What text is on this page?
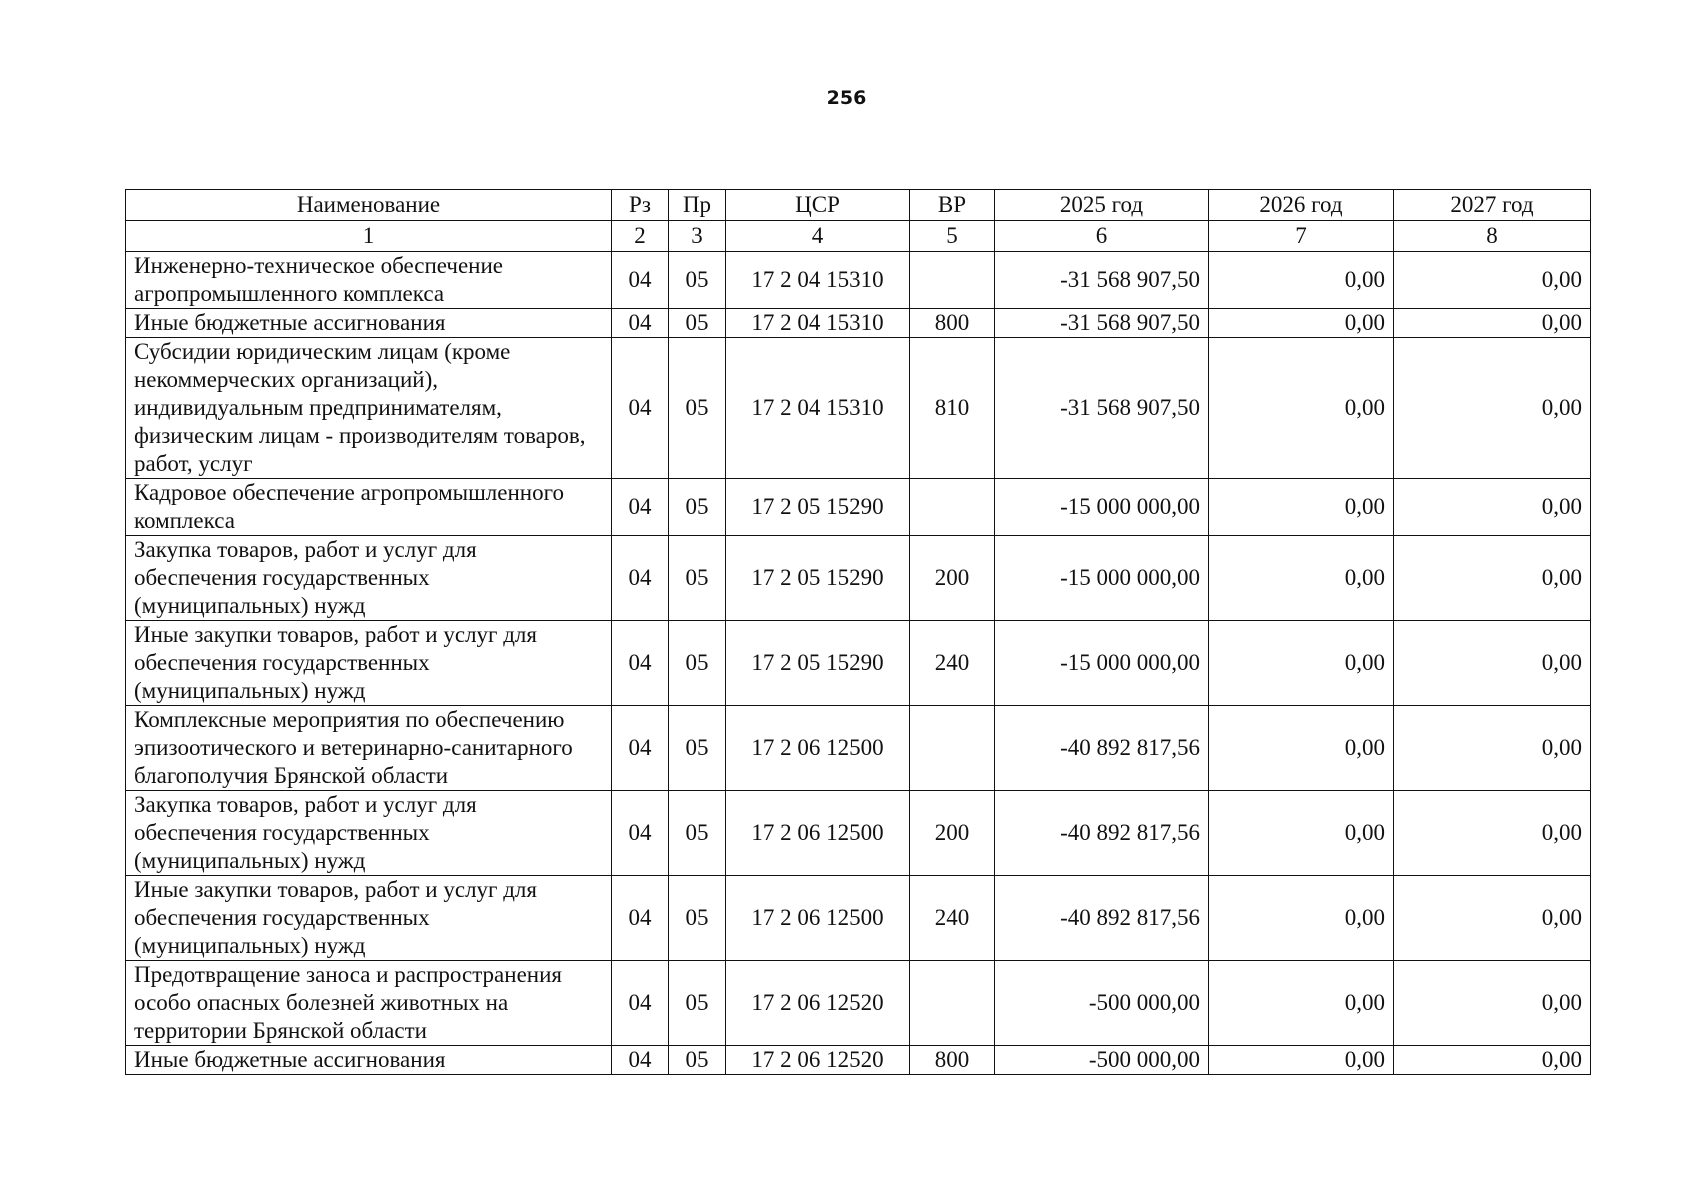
256
Наименование	Рз	Пр	ЦСР	ВР	2025 год	2026 год	2027 год
1	2	3	4	5	6	7	8
Инженерно-техническое обеспечение агропромышленного комплекса	04	05	17 2 04 15310		-31 568 907,50	0,00	0,00
Иные бюджетные ассигнования	04	05	17 2 04 15310	800	-31 568 907,50	0,00	0,00
Субсидии юридическим лицам (кроме некоммерческих организаций), индивидуальным предпринимателям, физическим лицам - производителям товаров, работ, услуг	04	05	17 2 04 15310	810	-31 568 907,50	0,00	0,00
Кадровое обеспечение агропромышленного комплекса	04	05	17 2 05 15290		-15 000 000,00	0,00	0,00
Закупка товаров, работ и услуг для обеспечения государственных (муниципальных) нужд	04	05	17 2 05 15290	200	-15 000 000,00	0,00	0,00
Иные закупки товаров, работ и услуг для обеспечения государственных (муниципальных) нужд	04	05	17 2 05 15290	240	-15 000 000,00	0,00	0,00
Комплексные мероприятия по обеспечению эпизоотического и ветеринарно-санитарного благополучия Брянской области	04	05	17 2 06 12500		-40 892 817,56	0,00	0,00
Закупка товаров, работ и услуг для обеспечения государственных (муниципальных) нужд	04	05	17 2 06 12500	200	-40 892 817,56	0,00	0,00
Иные закупки товаров, работ и услуг для обеспечения государственных (муниципальных) нужд	04	05	17 2 06 12500	240	-40 892 817,56	0,00	0,00
Предотвращение заноса и распространения особо опасных болезней животных на территории Брянской области	04	05	17 2 06 12520		-500 000,00	0,00	0,00
Иные бюджетные ассигнования	04	05	17 2 06 12520	800	-500 000,00	0,00	0,00
